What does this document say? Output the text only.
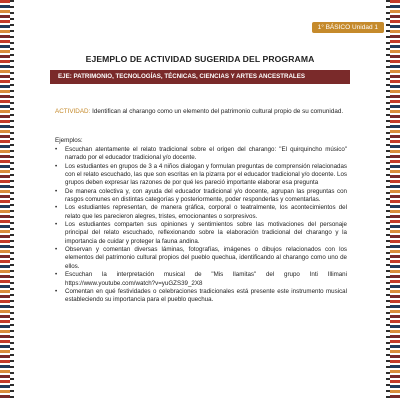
1° BÁSICO Unidad 1
EJEMPLO DE ACTIVIDAD SUGERIDA DEL PROGRAMA
EJE: PATRIMONIO, TECNOLOGÍAS, TÉCNICAS, CIENCIAS Y ARTES ANCESTRALES
ACTIVIDAD: Identifican al charango como un elemento del patrimonio cultural propio de su comunidad.
Ejemplos:
• Escuchan atentamente el relato tradicional sobre el origen del charango: "El quirquincho músico" narrado por el educador tradicional y/o docente.
• Los estudiantes en grupos de 3 a 4 niños dialogan y formulan preguntas de comprensión relacionadas con el relato escuchado, las que son escritas en la pizarra por el educador tradicional y/o docente. Los grupos deben expresar las razones de por qué les pareció importante elaborar esa pregunta
• De manera colectiva y, con ayuda del educador tradicional y/o docente, agrupan las preguntas con rasgos comunes en distintas categorías y posteriormente, poder responderlas y comentarlas.
• Los estudiantes representan, de manera gráfica, corporal o teatralmente, los acontecimientos del relato que les parecieron alegres, tristes, emocionantes o sorpresivos.
• Los estudiantes comparten sus opiniones y sentimientos sobre las motivaciones del personaje principal del relato escuchado, reflexionando sobre la elaboración tradicional del charango y la importancia de cuidar y proteger la fauna andina.
• Observan y comentan diversas láminas, fotografías, imágenes o dibujos relacionados con los elementos del patrimonio cultural propios del pueblo quechua, identificando al charango como uno de ellos.
• Escuchan la interpretación musical de "Mis llamitas" del grupo Inti Illimani https://www.youtube.com/watch?v=yuGZS39_2X8
• Comentan en qué festividades o celebraciones tradicionales está presente este instrumento musical estableciendo su importancia para el pueblo quechua.
